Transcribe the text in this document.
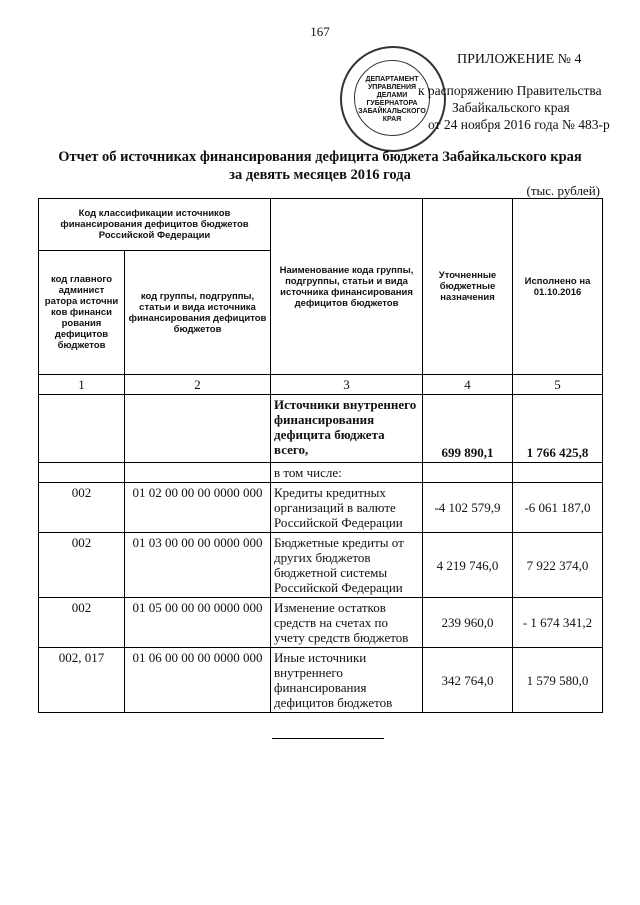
167
ДЕПАРТАМЕНТ
УПРАВЛЕНИЯ
ДЕЛАМИ
ГУБЕРНАТОРА
ЗАБАЙКАЛЬСКОГО
КРАЯ
ПРИЛОЖЕНИЕ № 4
к распоряжению Правительства
Забайкальского края
от 24 ноября 2016 года № 483-р
Отчет об источниках финансирования дефицита бюджета Забайкальского края
за девять месяцев 2016 года
(тыс. рублей)
Код классификации источников финансирования дефицитов бюджетов Российской Федерации		Наименование кода группы, подгруппы, статьи и вида источника финансирования дефицитов бюджетов	Уточненные бюджетные назначения	Исполнено на 01.10.2016
код главного админист ратора источни ков финанси рования дефицитов бюджетов	код группы, подгруппы, статьи и вида источника финансирования дефицитов бюджетов			
1	2	3	4	5
		Источники внутреннего финансирования дефицита бюджета всего,	699 890,1	1 766 425,8
		в том числе:		
002	01 02 00 00 00 0000 000	Кредиты кредитных организаций в валюте Российской Федерации	-4 102 579,9	-6 061 187,0
002	01 03 00 00 00 0000 000	Бюджетные кредиты от других бюджетов бюджетной системы Российской Федерации	4 219 746,0	7 922 374,0
002	01 05 00 00 00 0000 000	Изменение остатков средств на счетах по учету средств бюджетов	239 960,0	- 1 674 341,2
002, 017	01 06 00 00 00 0000 000	Иные источники внутреннего финансирования дефицитов бюджетов	342 764,0	1 579 580,0
